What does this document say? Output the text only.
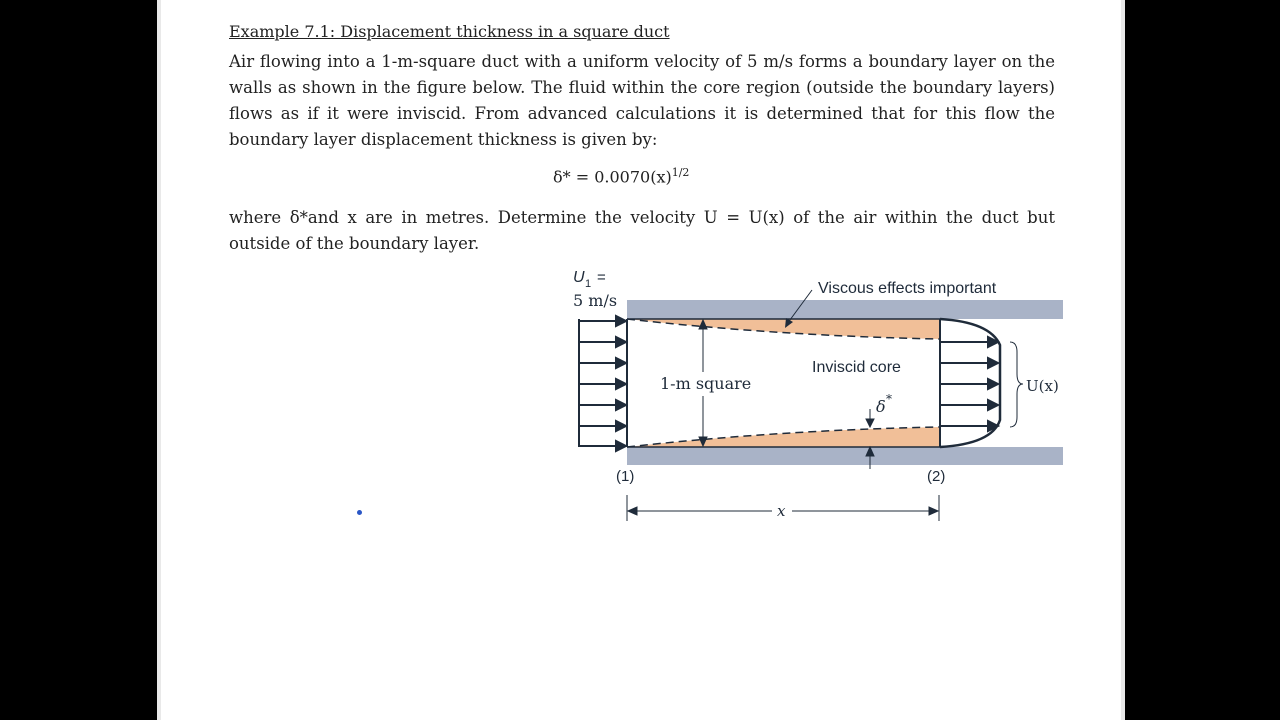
Example 7.1: Displacement thickness in a square duct
Air flowing into a 1-m-square duct with a uniform velocity of 5 m/s forms a boundary layer on the walls as shown in the figure below. The fluid within the core region (outside the boundary layers) flows as if it were inviscid. From advanced calculations it is determined that for this flow the boundary layer displacement thickness is given by:
$\delta* = 0.0070(x)^{1/2}$
where δ*and x are in metres. Determine the velocity U = U(x) of the air within the duct but outside of the boundary layer.
U 1 =
5 m/s
Viscous effects important
Inviscid core
1-m square
δ *
U(x)
(1)	(2)
x
